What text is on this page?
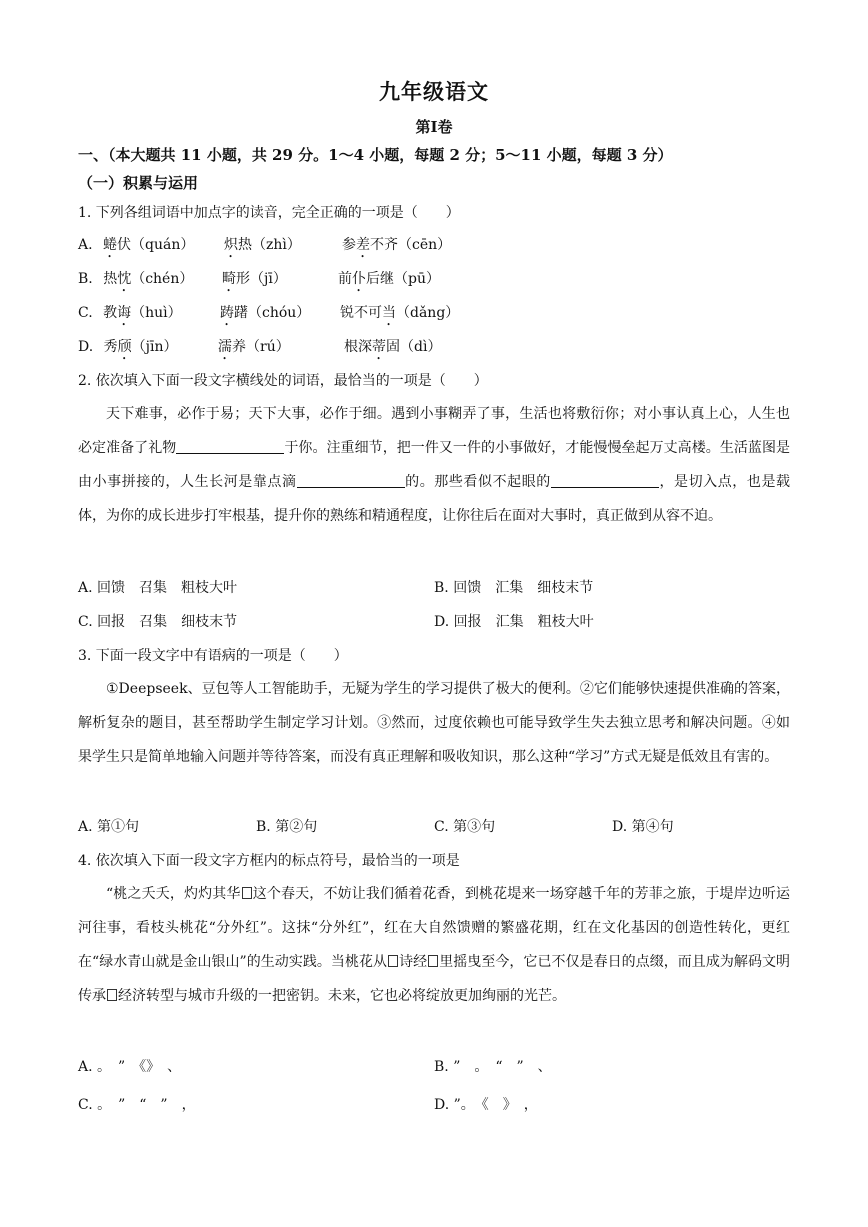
九年级语文
第Ⅰ卷
一、（本大题共 11 小题，共 29 分。1～4 小题，每题 2 分；5～11 小题，每题 3 分）
（一）积累与运用
1. 下列各组词语中加点字的读音，完全正确的一项是（　　）
A. 蜷伏（quán） 炽热（zhì）	参差不齐（cēn）
B. 热忱（chén） 畸形（jī）	前仆后继（pū）
C. 教诲（huì）	踌躇（chóu） 锐不可当（dǎng）
D. 秀颀（jīn）	濡养（rú）	根深蒂固（dì）
2. 依次填入下面一段文字横线处的词语，最恰当的一项是（　　）

天下难事，必作于易；天下大事，必作于细。遇到小事糊弄了事，生活也将敷衍你；对小事认真上心，人生也必定准备了礼物	于你。注重细节，把一件又一件的小事做好，才能慢慢垒起万丈高楼。生活蓝图是由小事拼接的，人生长河是靠点滴	的。那些看似不起眼的	，是切入点，也是载体，为你的成长进步打牢根基，提升你的熟练和精通程度，让你往后在面对大事时，真正做到从容不迫。

A. 回馈　召集　粗枝大叶	B. 回馈　汇集　细枝末节
C. 回报　召集　细枝末节	D. 回报　汇集　粗枝大叶
3. 下面一段文字中有语病的一项是（　　）

①Deepseek、豆包等人工智能助手，无疑为学生的学习提供了极大的便利。②它们能够快速提供准确的答案，解析复杂的题目，甚至帮助学生制定学习计划。③然而，过度依赖也可能导致学生失去独立思考和解决问题。④如果学生只是简单地输入问题并等待答案，而没有真正理解和吸收知识，那么这种“学习”方式无疑是低效且有害的。

A. 第①句	B. 第②句	C. 第③句	D. 第④句
4. 依次填入下面一段文字方框内的标点符号，最恰当的一项是

“桃之夭夭，灼灼其华 这个春天，不妨让我们循着花香，到桃花堤来一场穿越千年的芳菲之旅，于堤岸边听运河往事，看枝头桃花“分外红”。这抹“分外红”，红在大自然馈赠的繁盛花期，红在文化基因的创造性转化，更红在“绿水青山就是金山银山”的生动实践。当桃花从 诗经 里摇曳至今，它已不仅是春日的点缀，而且成为解码文明传承 经济转型与城市升级的一把密钥。未来，它也必将绽放更加绚丽的光芒。

A. 。　”　《》　、	B. ”　。　“　”　、
C. 。　”　“　”　，	D. ”。　《　》　，
